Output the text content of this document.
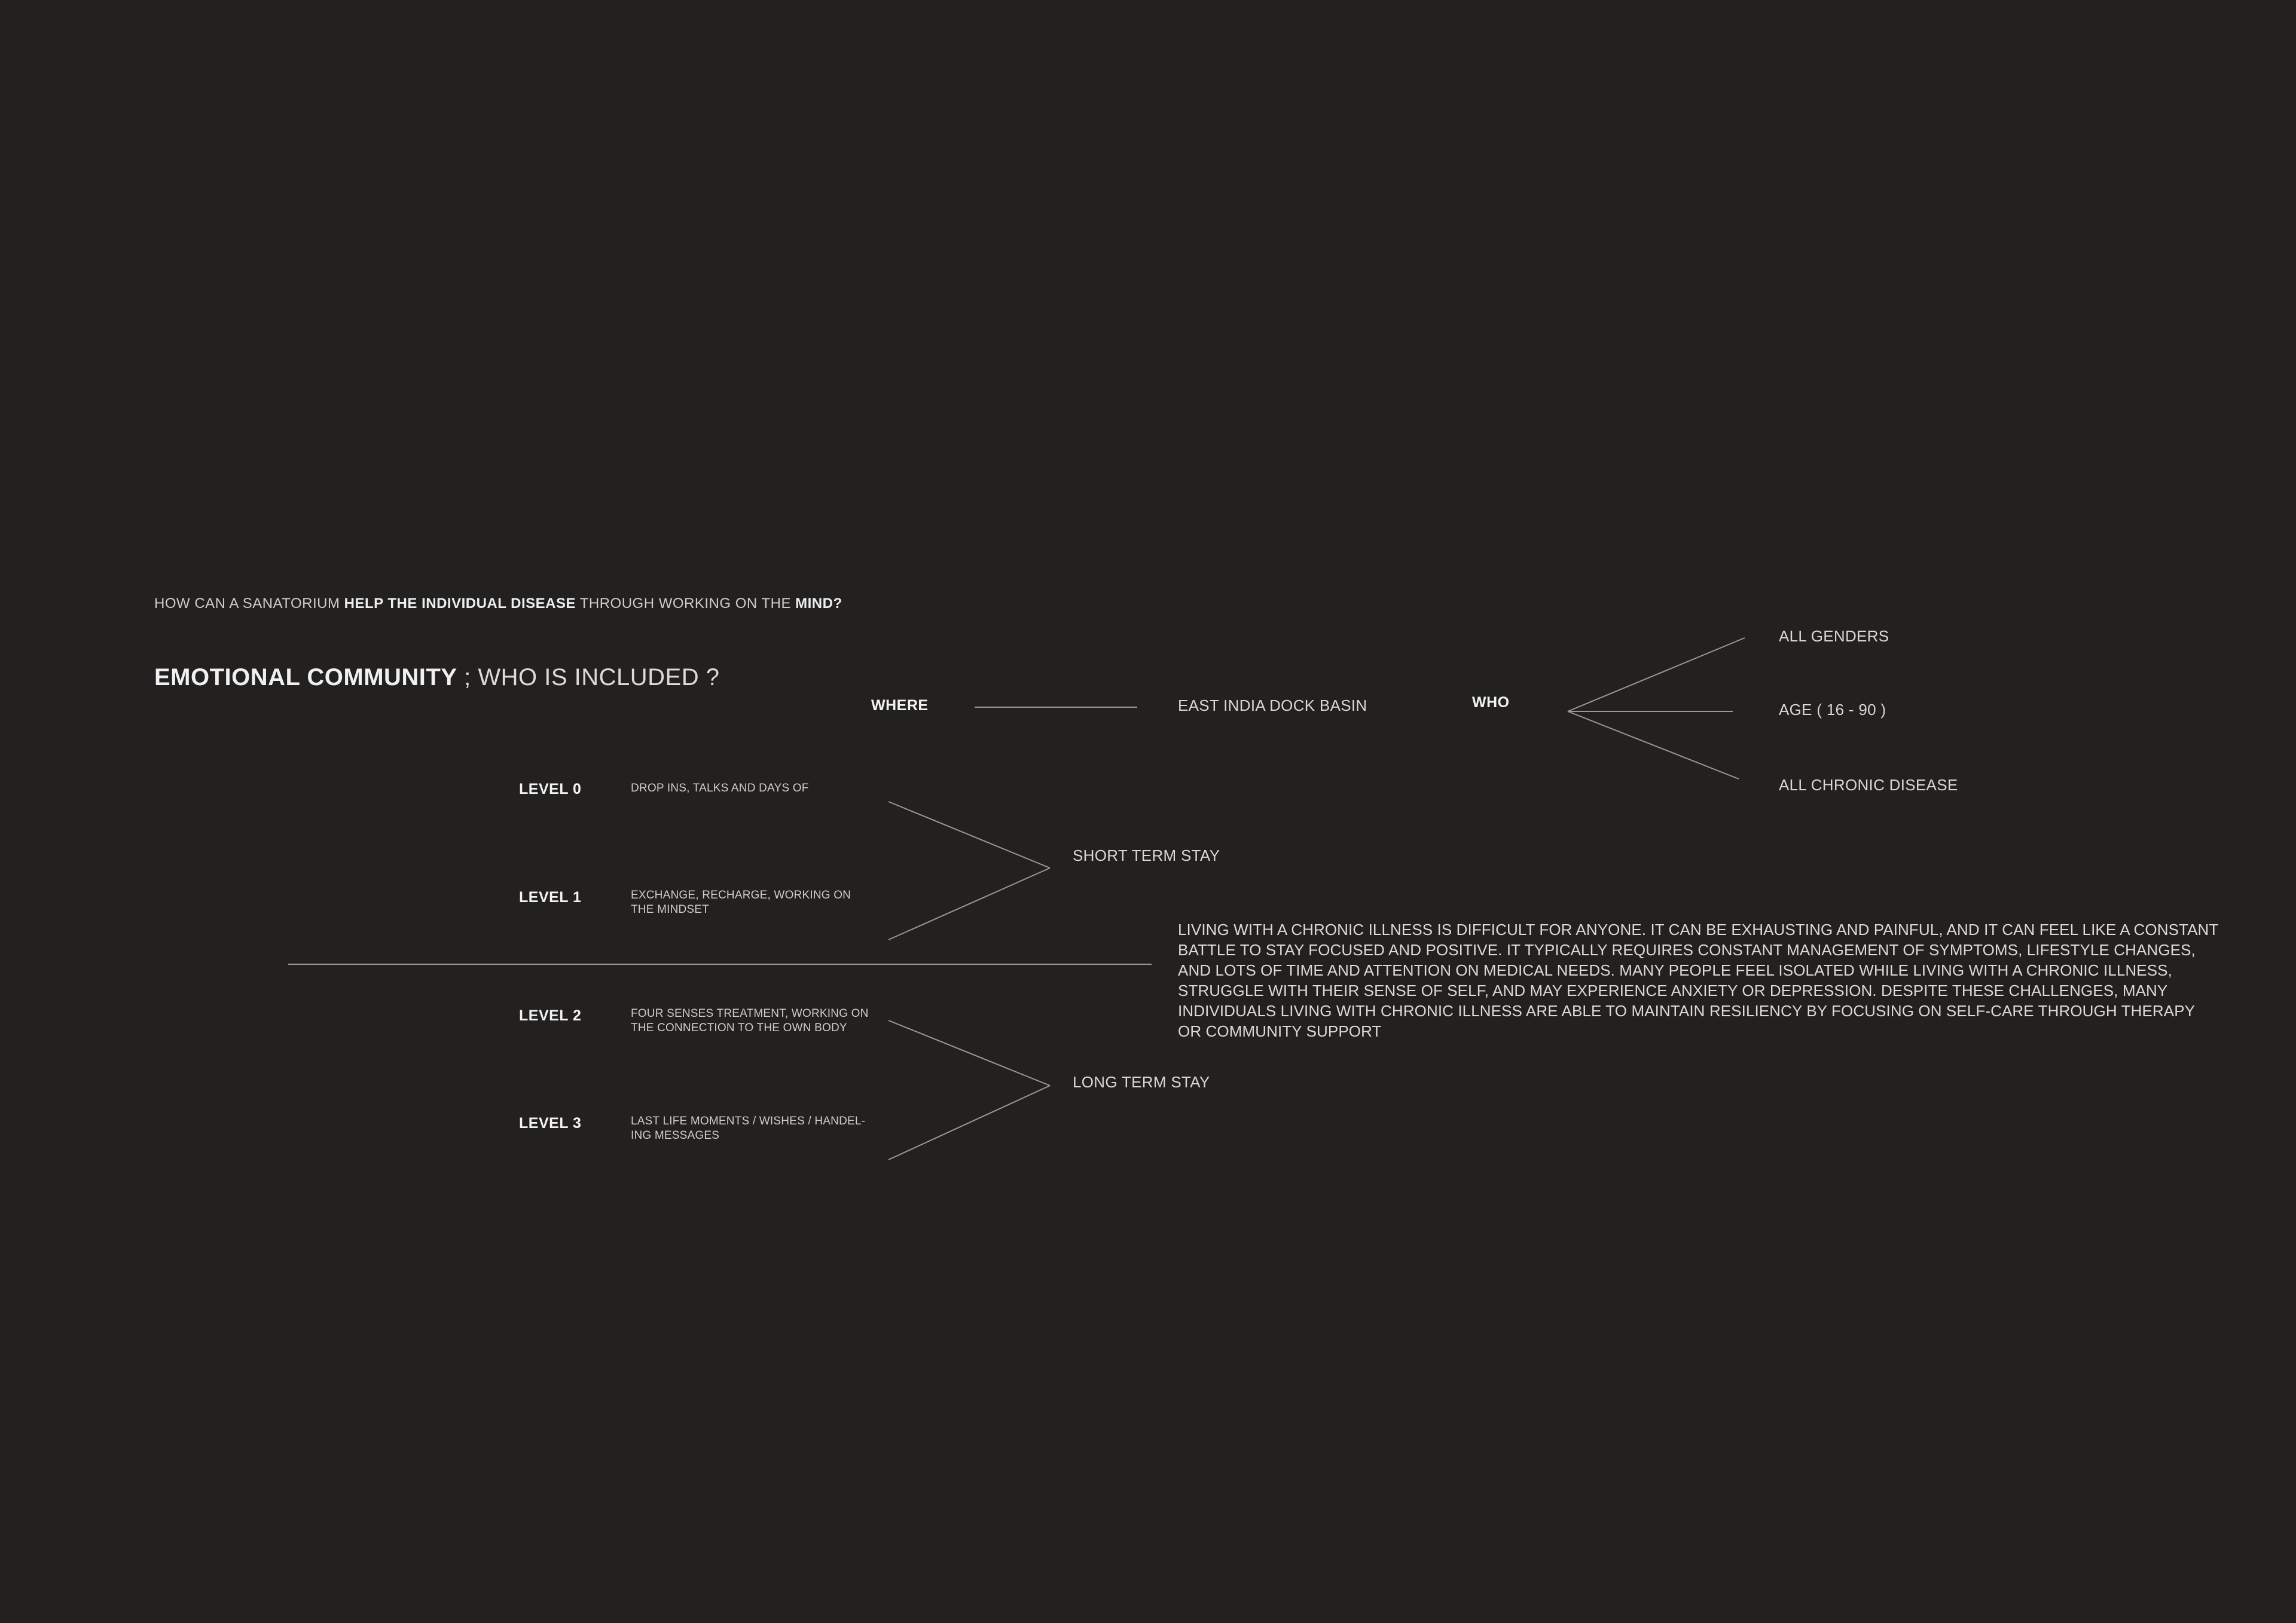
HOW CAN A SANATORIUM HELP THE INDIVIDUAL DISEASE THROUGH WORKING ON THE MIND?
EMOTIONAL COMMUNITY ; WHO IS INCLUDED ?
WHERE	EAST INDIA DOCK BASIN	WHO
ALL GENDERS
AGE ( 16 - 90 )
ALL CHRONIC DISEASE
LEVEL 0	DROP INS, TALKS AND DAYS OF
LEVEL 1	EXCHANGE, RECHARGE, WORKING ON THE MINDSET
LEVEL 2	FOUR SENSES TREATMENT, WORKING ON THE CONNECTION TO THE OWN BODY
LEVEL 3	LAST LIFE MOMENTS / WISHES / HANDEL-ING MESSAGES
SHORT TERM STAY
LONG TERM STAY
LIVING WITH A CHRONIC ILLNESS IS DIFFICULT FOR ANYONE. IT CAN BE EXHAUSTING AND PAINFUL, AND IT CAN FEEL LIKE A CONSTANT BATTLE TO STAY FOCUSED AND POSITIVE. IT TYPICALLY REQUIRES CONSTANT MANAGEMENT OF SYMPTOMS, LIFESTYLE CHANGES, AND LOTS OF TIME AND ATTENTION ON MEDICAL NEEDS. MANY PEOPLE FEEL ISOLATED WHILE LIVING WITH A CHRONIC ILLNESS, STRUGGLE WITH THEIR SENSE OF SELF, AND MAY EXPERIENCE ANXIETY OR DEPRESSION. DESPITE THESE CHALLENGES, MANY INDIVIDUALS LIVING WITH CHRONIC ILLNESS ARE ABLE TO MAINTAIN RESILIENCY BY FOCUSING ON SELF-CARE THROUGH THERAPY OR COMMUNITY SUPPORT
